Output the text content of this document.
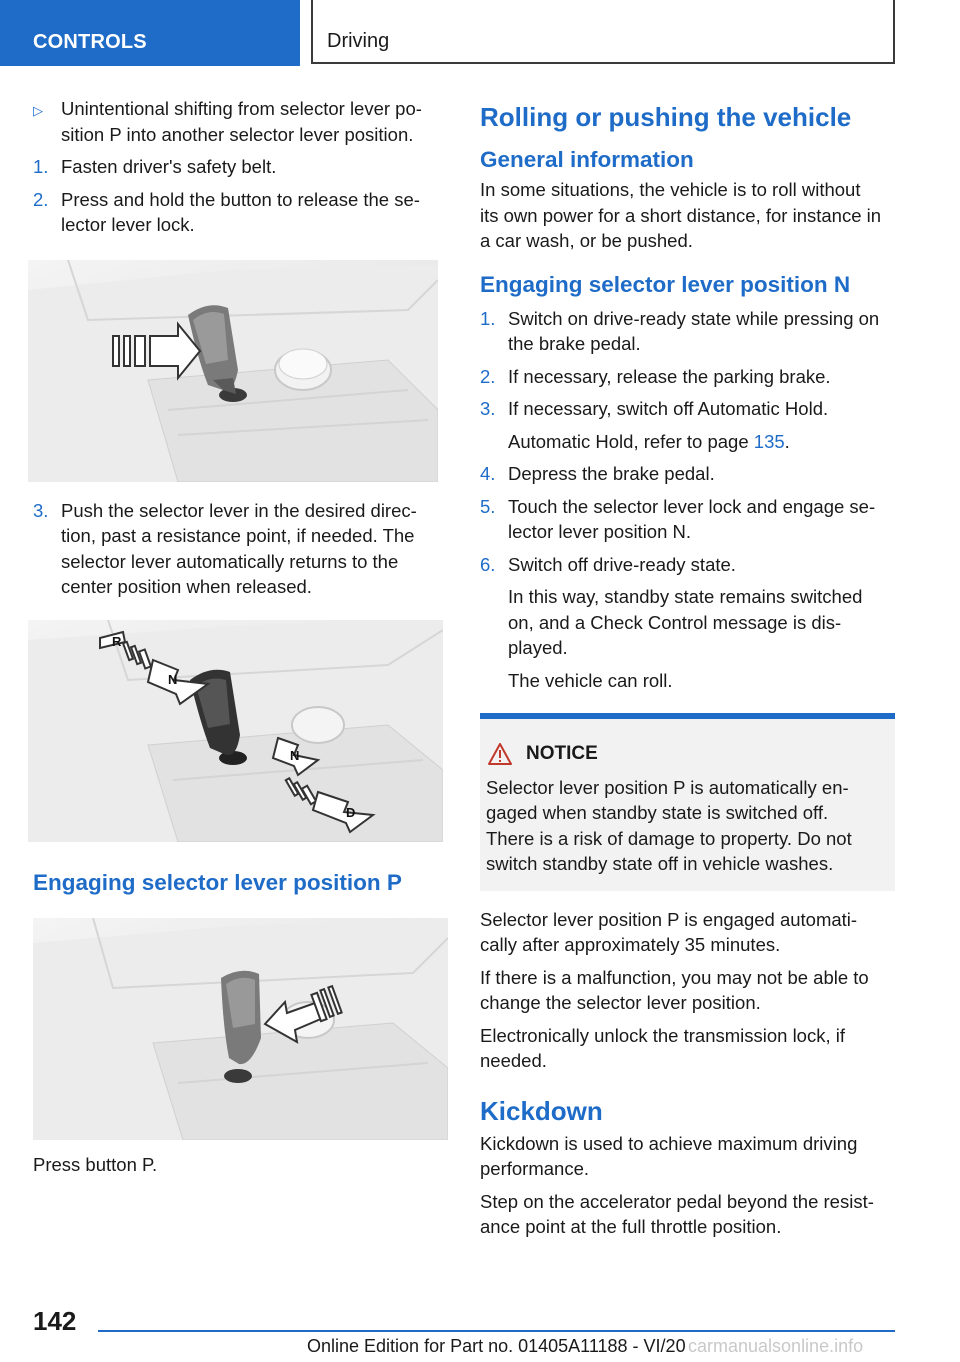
CONTROLS	Driving
▷ Unintentional shifting from selector lever po-
sition P into another selector lever position.
1. Fasten driver's safety belt.
2. Press and hold the button to release the se-
lector lever lock.
3. Push the selector lever in the desired direc-
tion, past a resistance point, if needed. The
selector lever automatically returns to the
center position when released.
R
N
N
D
Engaging selector lever position P
Press button P.
Rolling or pushing the vehicle
General information
In some situations, the vehicle is to roll without
its own power for a short distance, for instance in
a car wash, or be pushed.
Engaging selector lever position N
1. Switch on drive-ready state while pressing on
the brake pedal.
2. If necessary, release the parking brake.
3. If necessary, switch off Automatic Hold.
Automatic Hold, refer to page 135.
4. Depress the brake pedal.
5. Touch the selector lever lock and engage se-
lector lever position N.
6. Switch off drive-ready state.
In this way, standby state remains switched
on, and a Check Control message is dis-
played.
The vehicle can roll.
NOTICE
Selector lever position P is automatically en-
gaged when standby state is switched off.
There is a risk of damage to property. Do not
switch standby state off in vehicle washes.
Selector lever position P is engaged automati-
cally after approximately 35 minutes.
If there is a malfunction, you may not be able to
change the selector lever position.
Electronically unlock the transmission lock, if
needed.
Kickdown
Kickdown is used to achieve maximum driving
performance.
Step on the accelerator pedal beyond the resist-
ance point at the full throttle position.
142
Online Edition for Part no. 01405A11188 - VI/20 carmanualsonline.info
